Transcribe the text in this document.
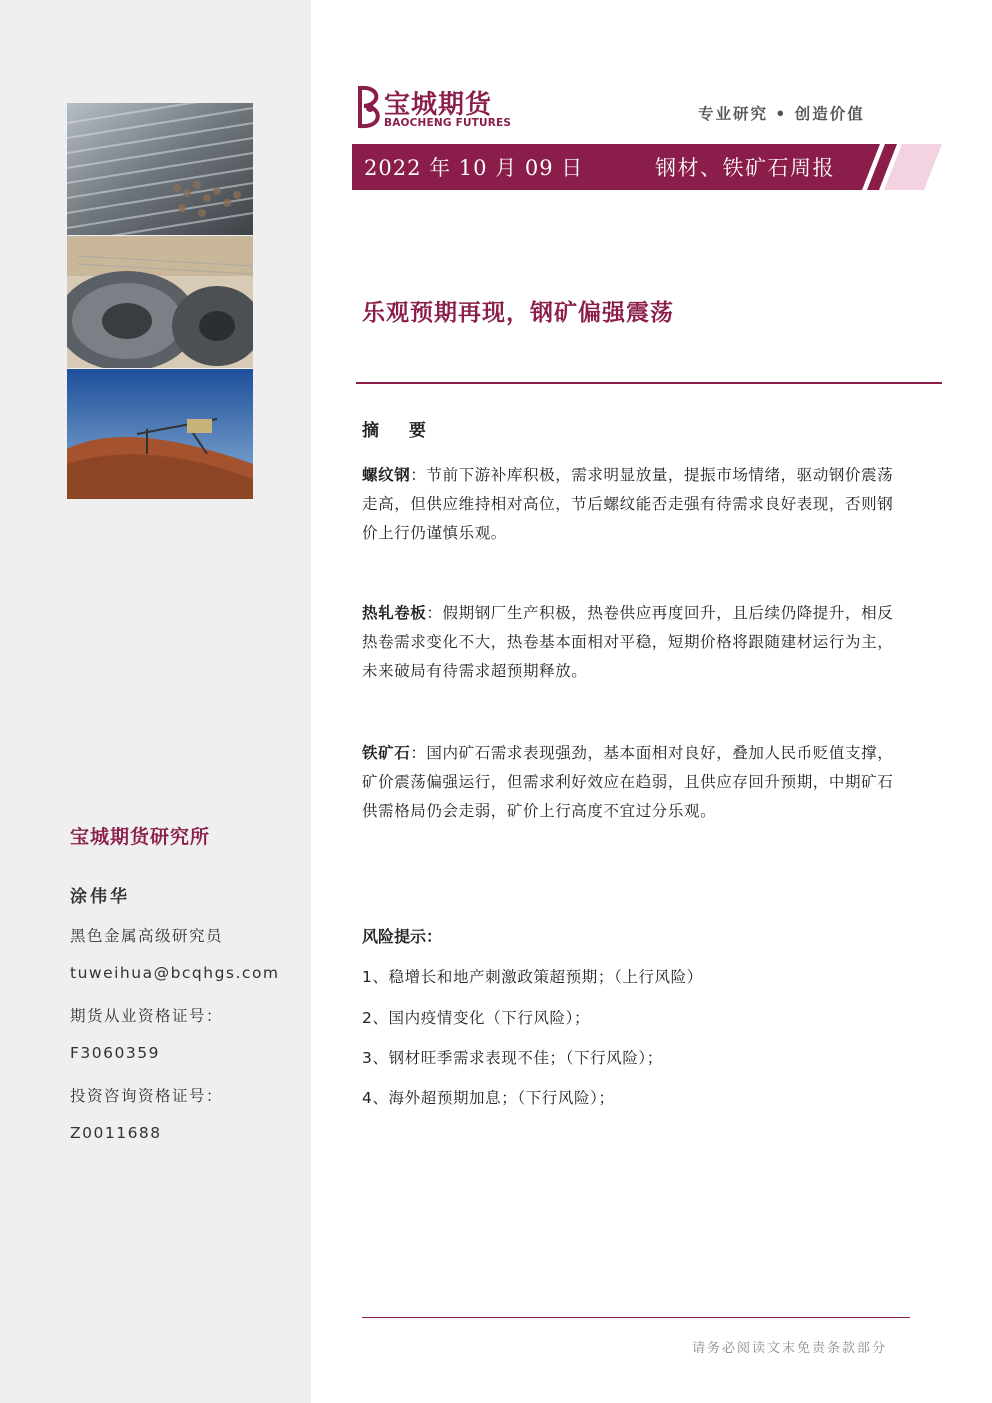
宝城期货研究所
涂伟华
黑色金属高级研究员
tuweihua@bcqhgs.com
期货从业资格证号：
F3060359
投资咨询资格证号：
Z0011688
宝城期货
BAOCHENG FUTURES	专业研究 • 创造价值
2022 年 10 月 09 日	钢材、铁矿石周报
乐观预期再现，钢矿偏强震荡
摘 要
螺纹钢：节前下游补库积极，需求明显放量，提振市场情绪，驱动钢价震荡走高，但供应维持相对高位，节后螺纹能否走强有待需求良好表现，否则钢价上行仍谨慎乐观。
热轧卷板：假期钢厂生产积极，热卷供应再度回升，且后续仍降提升，相反热卷需求变化不大，热卷基本面相对平稳，短期价格将跟随建材运行为主，未来破局有待需求超预期释放。
铁矿石：国内矿石需求表现强劲，基本面相对良好，叠加人民币贬值支撑，矿价震荡偏强运行，但需求利好效应在趋弱，且供应存回升预期，中期矿石供需格局仍会走弱，矿价上行高度不宜过分乐观。
风险提示：
1、稳增长和地产刺激政策超预期；（上行风险）
2、国内疫情变化（下行风险）；
3、钢材旺季需求表现不佳；（下行风险）；
4、海外超预期加息；（下行风险）；
请务必阅读文末免责条款部分
